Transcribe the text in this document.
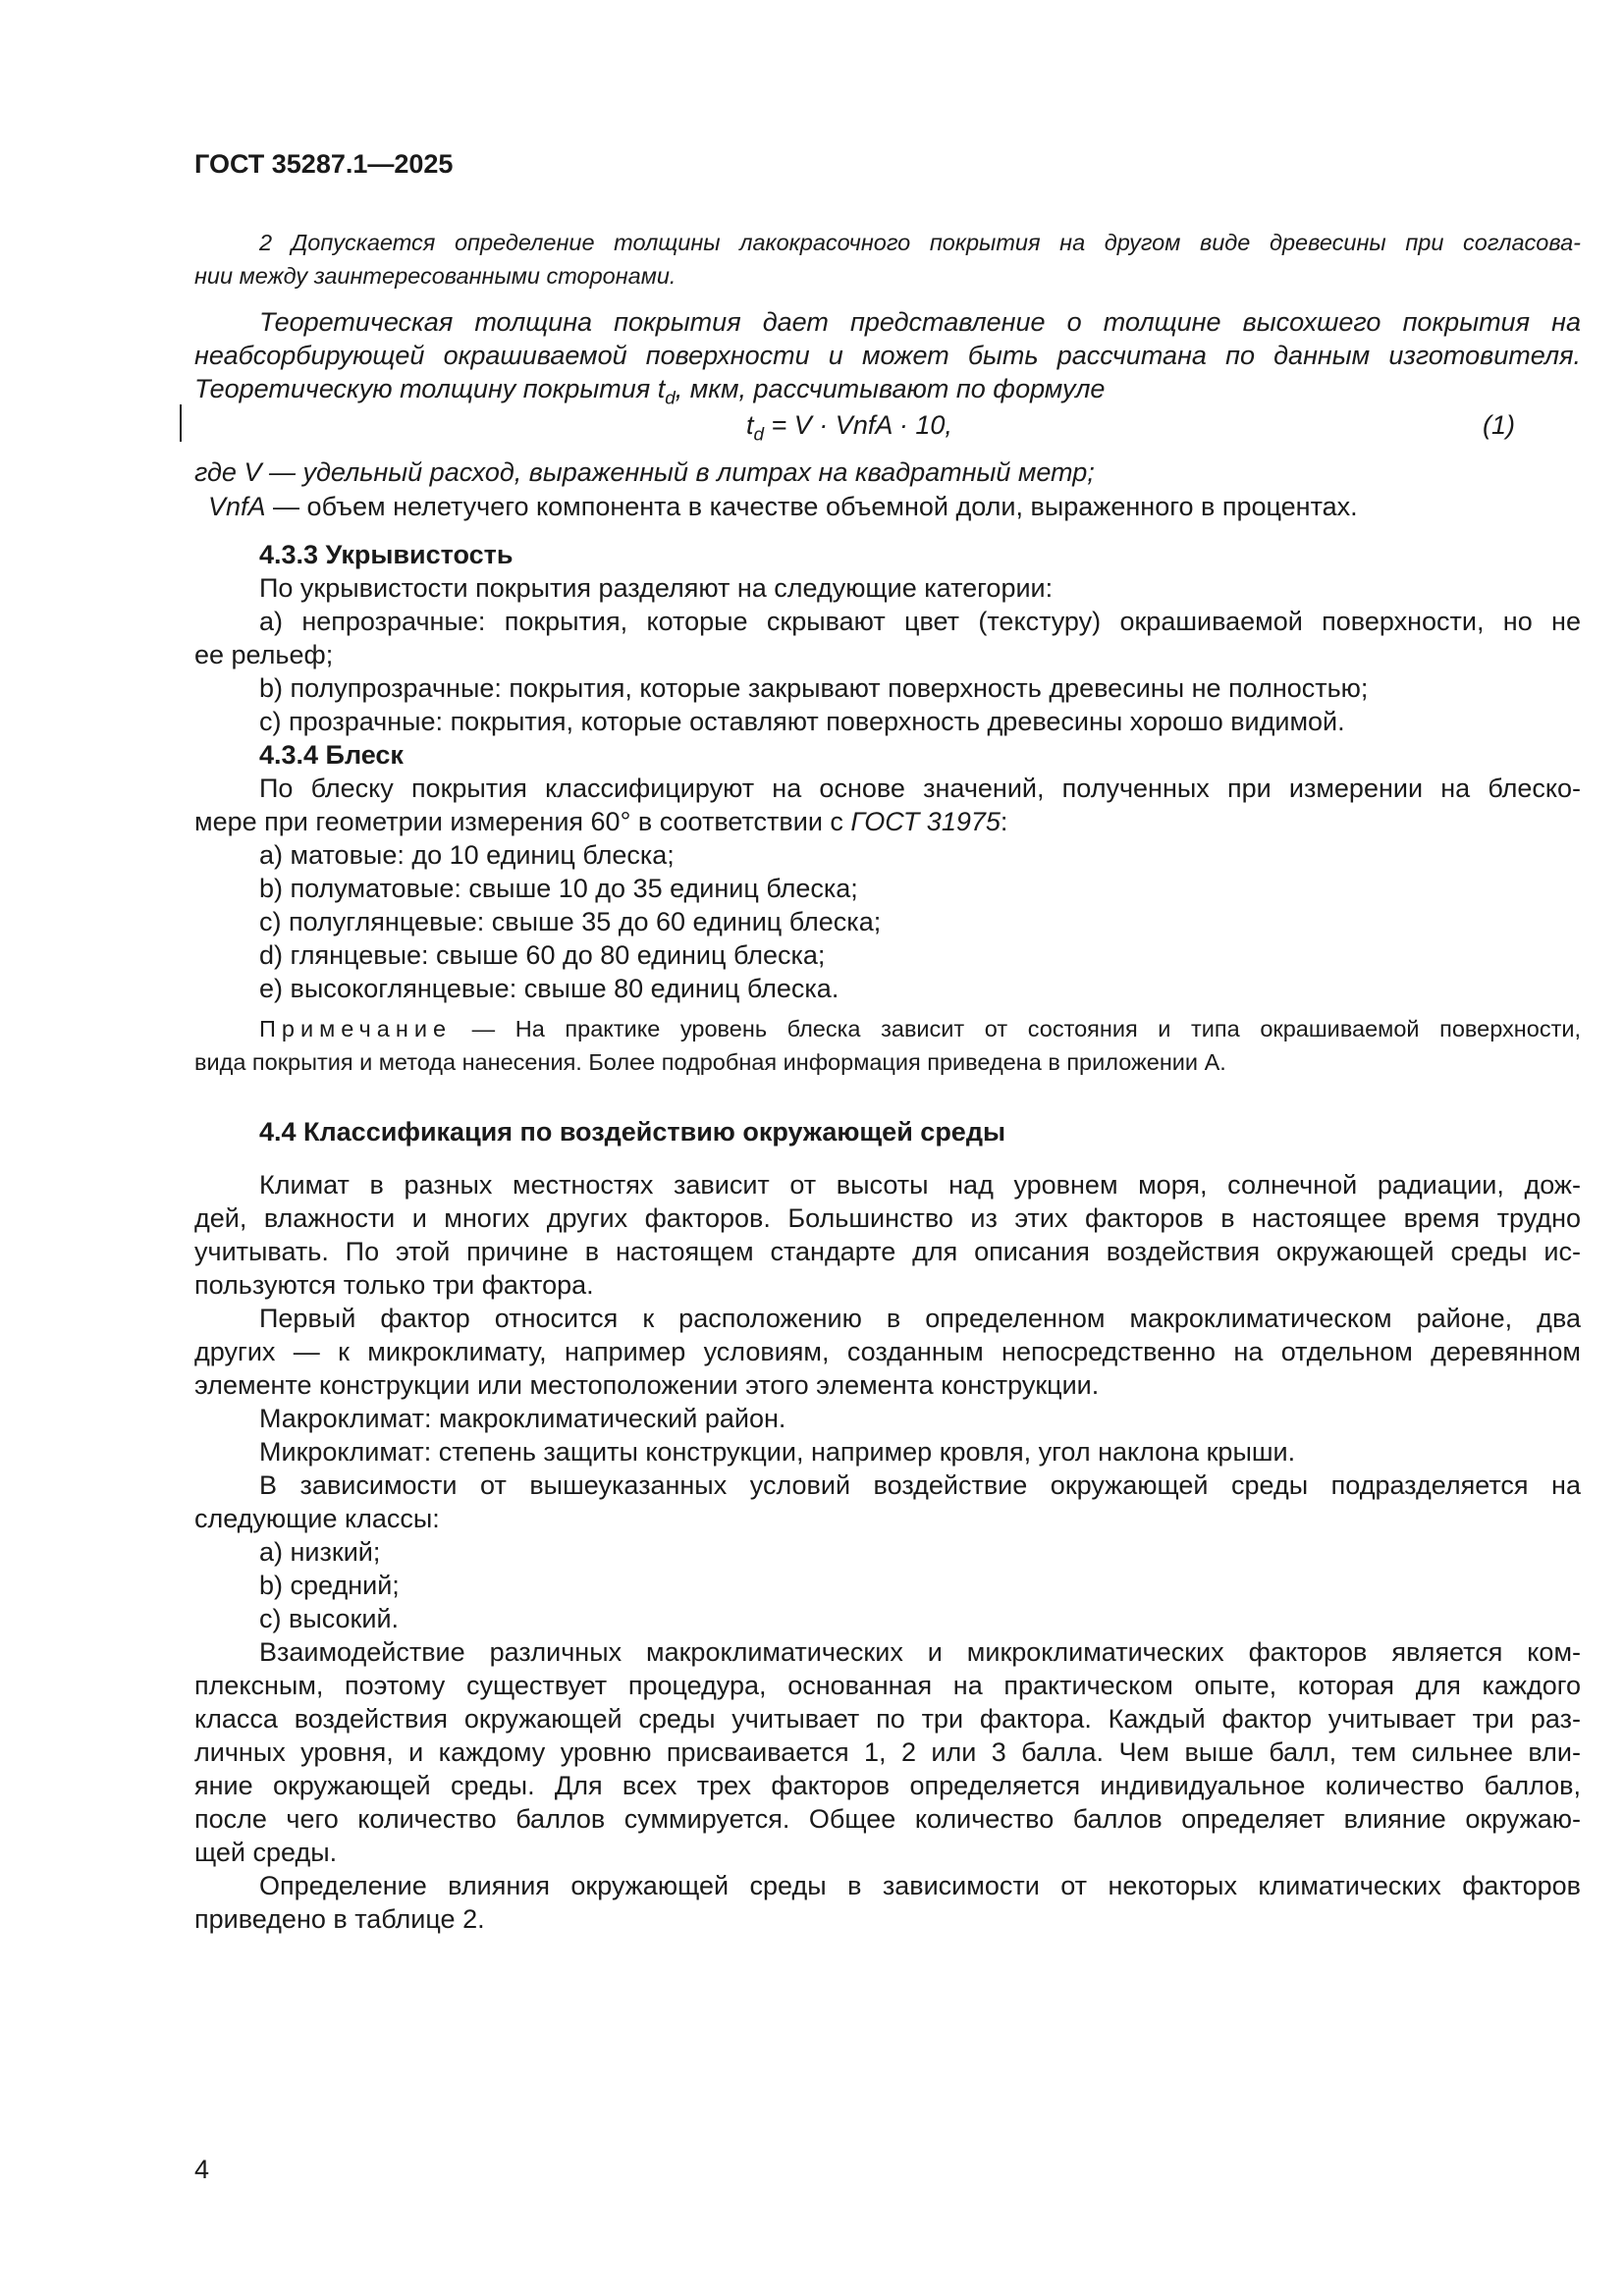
ГОСТ 35287.1—2025
2 Допускается определение толщины лакокрасочного покрытия на другом виде древесины при согласова-
нии между заинтересованными сторонами.
Теоретическая толщина покрытия дает представление о толщине высохшего покрытия на
неабсорбирующей окрашиваемой поверхности и может быть рассчитана по данным изготовителя.
Теоретическую толщину покрытия $t_d$, мкм, рассчитывают по формуле
$t_d = V$ · VnfA · 10,	(1)
где V — удельный расход, выраженный в литрах на квадратный метр;
VnfA — объем нелетучего компонента в качестве объемной доли, выраженного в процентах.
4.3.3 Укрывистость
По укрывистости покрытия разделяют на следующие категории:
а) непрозрачные: покрытия, которые скрывают цвет (текстуру) окрашиваемой поверхности, но не
ее рельеф;
b) полупрозрачные: покрытия, которые закрывают поверхность древесины не полностью;
c) прозрачные: покрытия, которые оставляют поверхность древесины хорошо видимой.
4.3.4 Блеск
По блеску покрытия классифицируют на основе значений, полученных при измерении на блеско-
мере при геометрии измерения 60° в соответствии с ГОСТ 31975:
а) матовые: до 10 единиц блеска;
b) полуматовые: свыше 10 до 35 единиц блеска;
c) полуглянцевые: свыше 35 до 60 единиц блеска;
d) глянцевые: свыше 60 до 80 единиц блеска;
e) высокоглянцевые: свыше 80 единиц блеска.
Примечание — На практике уровень блеска зависит от состояния и типа окрашиваемой поверхности,
вида покрытия и метода нанесения. Более подробная информация приведена в приложении А.
4.4 Классификация по воздействию окружающей среды
Климат в разных местностях зависит от высоты над уровнем моря, солнечной радиации, дож-
дей, влажности и многих других факторов. Большинство из этих факторов в настоящее время трудно
учитывать. По этой причине в настоящем стандарте для описания воздействия окружающей среды ис-
пользуются только три фактора.
Первый фактор относится к расположению в определенном макроклиматическом районе, два
других — к микроклимату, например условиям, созданным непосредственно на отдельном деревянном
элементе конструкции или местоположении этого элемента конструкции.
Макроклимат: макроклиматический район.
Микроклимат: степень защиты конструкции, например кровля, угол наклона крыши.
В зависимости от вышеуказанных условий воздействие окружающей среды подразделяется на
следующие классы:
а) низкий;
b) средний;
c) высокий.
Взаимодействие различных макроклиматических и микроклиматических факторов является ком-
плексным, поэтому существует процедура, основанная на практическом опыте, которая для каждого
класса воздействия окружающей среды учитывает по три фактора. Каждый фактор учитывает три раз-
личных уровня, и каждому уровню присваивается 1, 2 или 3 балла. Чем выше балл, тем сильнее вли-
яние окружающей среды. Для всех трех факторов определяется индивидуальное количество баллов,
после чего количество баллов суммируется. Общее количество баллов определяет влияние окружаю-
щей среды.
Определение влияния окружающей среды в зависимости от некоторых климатических факторов
приведено в таблице 2.
4
